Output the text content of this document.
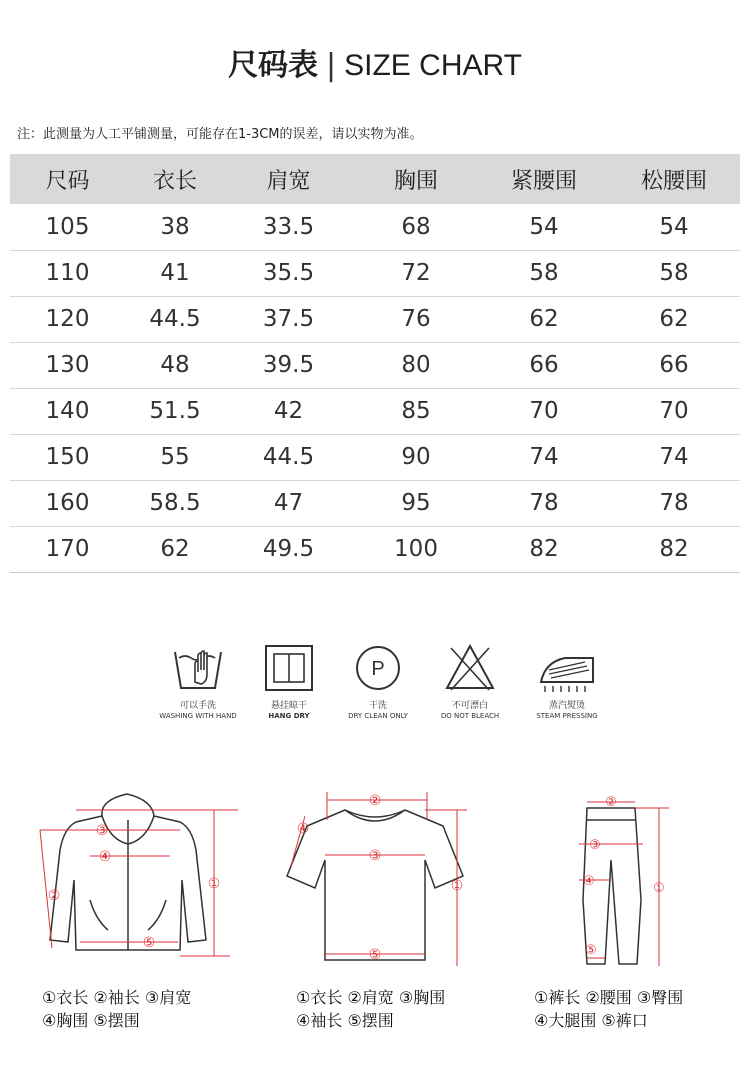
尺码表 | SIZE CHART
注：此测量为人工平铺测量，可能存在1-3CM的误差，请以实物为准。
尺码	衣长	肩宽	胸围	紧腰围	松腰围
105	38	33.5	68	54	54
110	41	35.5	72	58	58
120	44.5	37.5	76	62	62
130	48	39.5	80	66	66
140	51.5	42	85	70	70
150	55	44.5	90	74	74
160	58.5	47	95	78	78
170	62	49.5	100	82	82
可以手洗
WASHING WITH HAND
悬挂晾干
HANG DRY
P
干洗
DRY CLEAN ONLY
不可漂白
DO NOT BLEACH
蒸汽熨烫
STEAM PRESSING
③
④
②
①
⑤
②
③
④
①
⑤
②
③
④	①
⑤
①衣长 ②袖长 ③肩宽
④胸围 ⑤摆围
①衣长 ②肩宽 ③胸围
④袖长 ⑤摆围
①裤长 ②腰围 ③臀围
④大腿围 ⑤裤口
